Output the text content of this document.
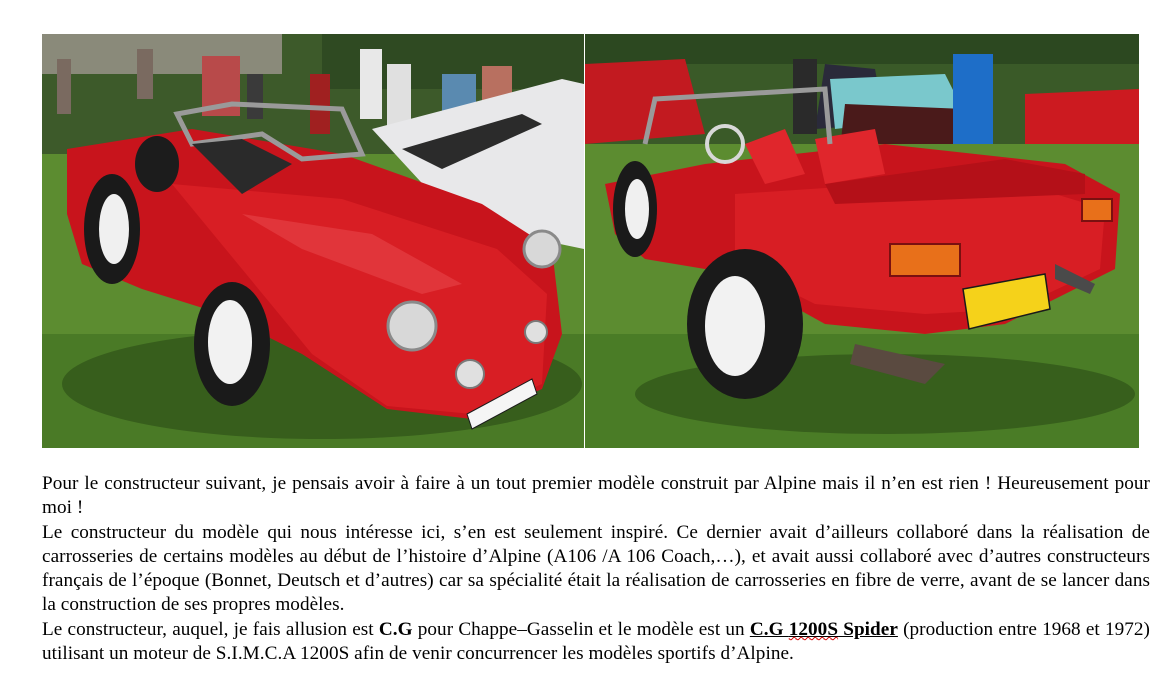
Pour le constructeur suivant, je pensais avoir à faire à un tout premier modèle construit par Alpine mais il n’en est rien ! Heureusement pour moi !

Le constructeur du modèle qui nous intéresse ici, s’en est seulement inspiré. Ce dernier avait d’ailleurs collaboré dans la réalisation de carrosseries de certains modèles au début de l’histoire d’Alpine (A106 /A 106 Coach,…), et avait aussi collaboré avec d’autres constructeurs français de l’époque (Bonnet, Deutsch et d’autres) car sa spécialité était la réalisation de carrosseries en fibre de verre, avant de se lancer dans la construction de ses propres modèles.

Le constructeur, auquel, je fais allusion est C.G pour Chappe–Gasselin et le modèle est un C.G 1200S Spider (production entre 1968 et 1972) utilisant un moteur de S.I.M.C.A 1200S afin de venir concurrencer les modèles sportifs d’Alpine.
